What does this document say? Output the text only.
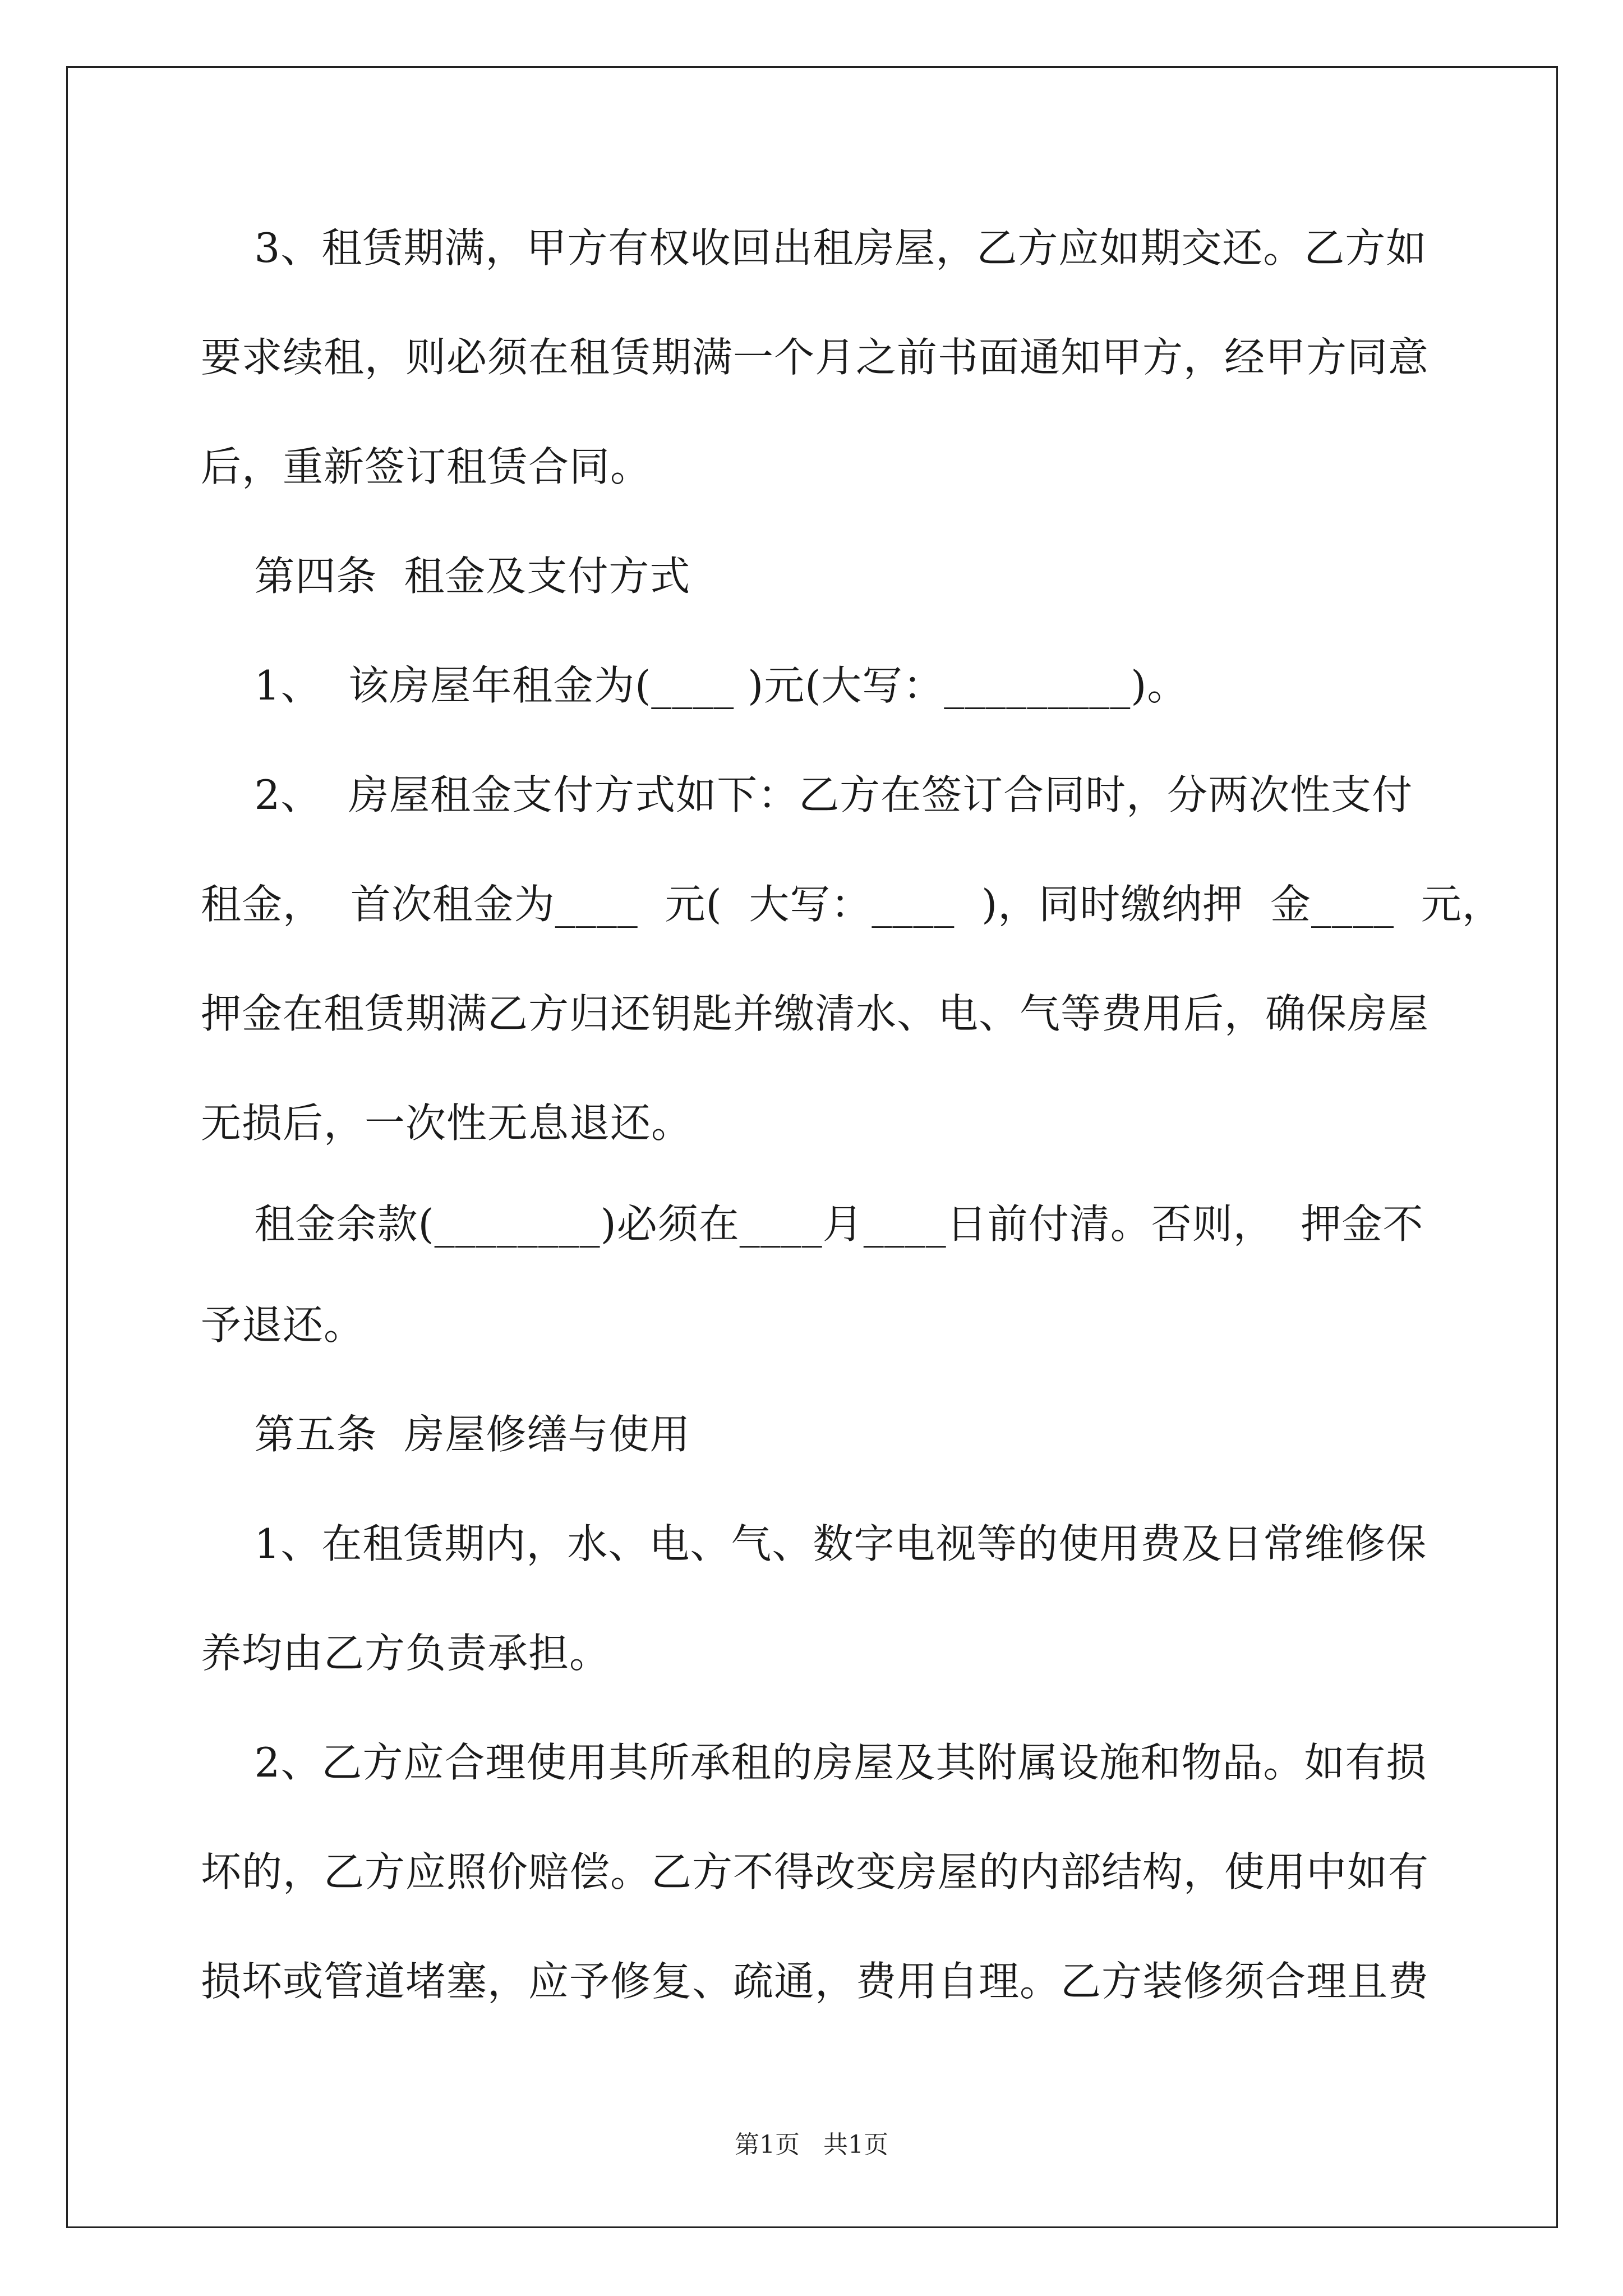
3、租赁期满，甲方有权收回出租房屋，乙方应如期交还。乙方如
要求续租，则必须在租赁期满一个月之前书面通知甲方，经甲方同意
后，重新签订租赁合同。
第四条  租金及支付方式
1、  该房屋年租金为(____ )元(大写：_________)。
2、  房屋租金支付方式如下：乙方在签订合同时，分两次性支付
租金，  首次租金为____  元(  大写：____  )，同时缴纳押  金____  元，
押金在租赁期满乙方归还钥匙并缴清水、电、气等费用后，确保房屋
无损后，一次性无息退还。
租金余款(________)必须在____月____日前付清。否则，  押金不
予退还。
第五条  房屋修缮与使用
1、在租赁期内，水、电、气、数字电视等的使用费及日常维修保
养均由乙方负责承担。
2、乙方应合理使用其所承租的房屋及其附属设施和物品。如有损
坏的，乙方应照价赔偿。乙方不得改变房屋的内部结构，使用中如有
损坏或管道堵塞，应予修复、疏通，费用自理。乙方装修须合理且费
第1页   共1页
